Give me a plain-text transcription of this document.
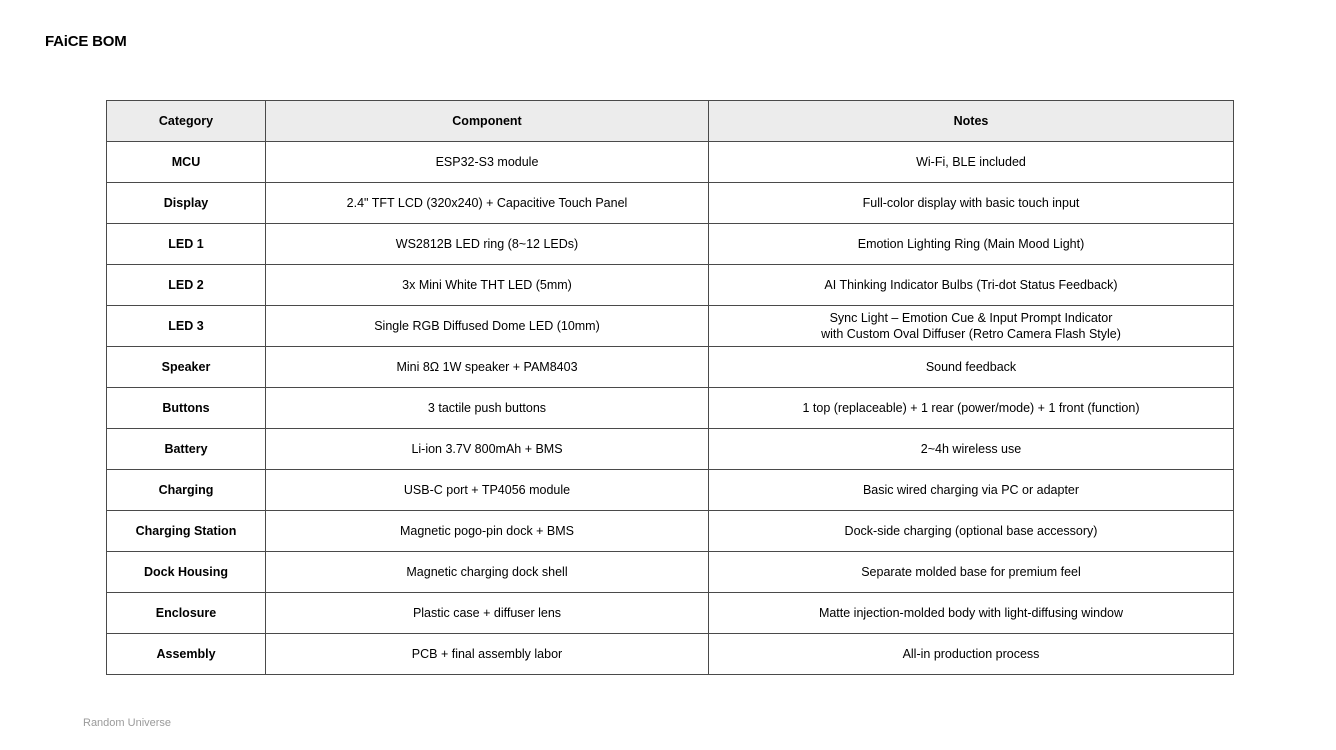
FAiCE BOM
Category	Component	Notes
MCU	ESP32-S3 module	Wi-Fi, BLE included

Display	2.4" TFT LCD (320x240) + Capacitive Touch Panel	Full-color display with basic touch input

LED 1	WS2812B LED ring (8~12 LEDs)	Emotion Lighting Ring (Main Mood Light)

LED 2	3x Mini White THT LED (5mm)	AI Thinking Indicator Bulbs (Tri-dot Status Feedback)

LED 3	Single RGB Diffused Dome LED (10mm)	Sync Light – Emotion Cue & Input Prompt Indicator
with Custom Oval Diffuser (Retro Camera Flash Style)

Speaker	Mini 8Ω 1W speaker + PAM8403	Sound feedback

Buttons	3 tactile push buttons	1 top (replaceable) + 1 rear (power/mode) + 1 front (function)

Battery	Li-ion 3.7V 800mAh + BMS	2~4h wireless use

Charging	USB-C port + TP4056 module	Basic wired charging via PC or adapter

Charging Station	Magnetic pogo-pin dock + BMS	Dock-side charging (optional base accessory)

Dock Housing	Magnetic charging dock shell	Separate molded base for premium feel

Enclosure	Plastic case + diffuser lens	Matte injection-molded body with light-diffusing window

Assembly	PCB + final assembly labor	All-in production process
Random Universe
